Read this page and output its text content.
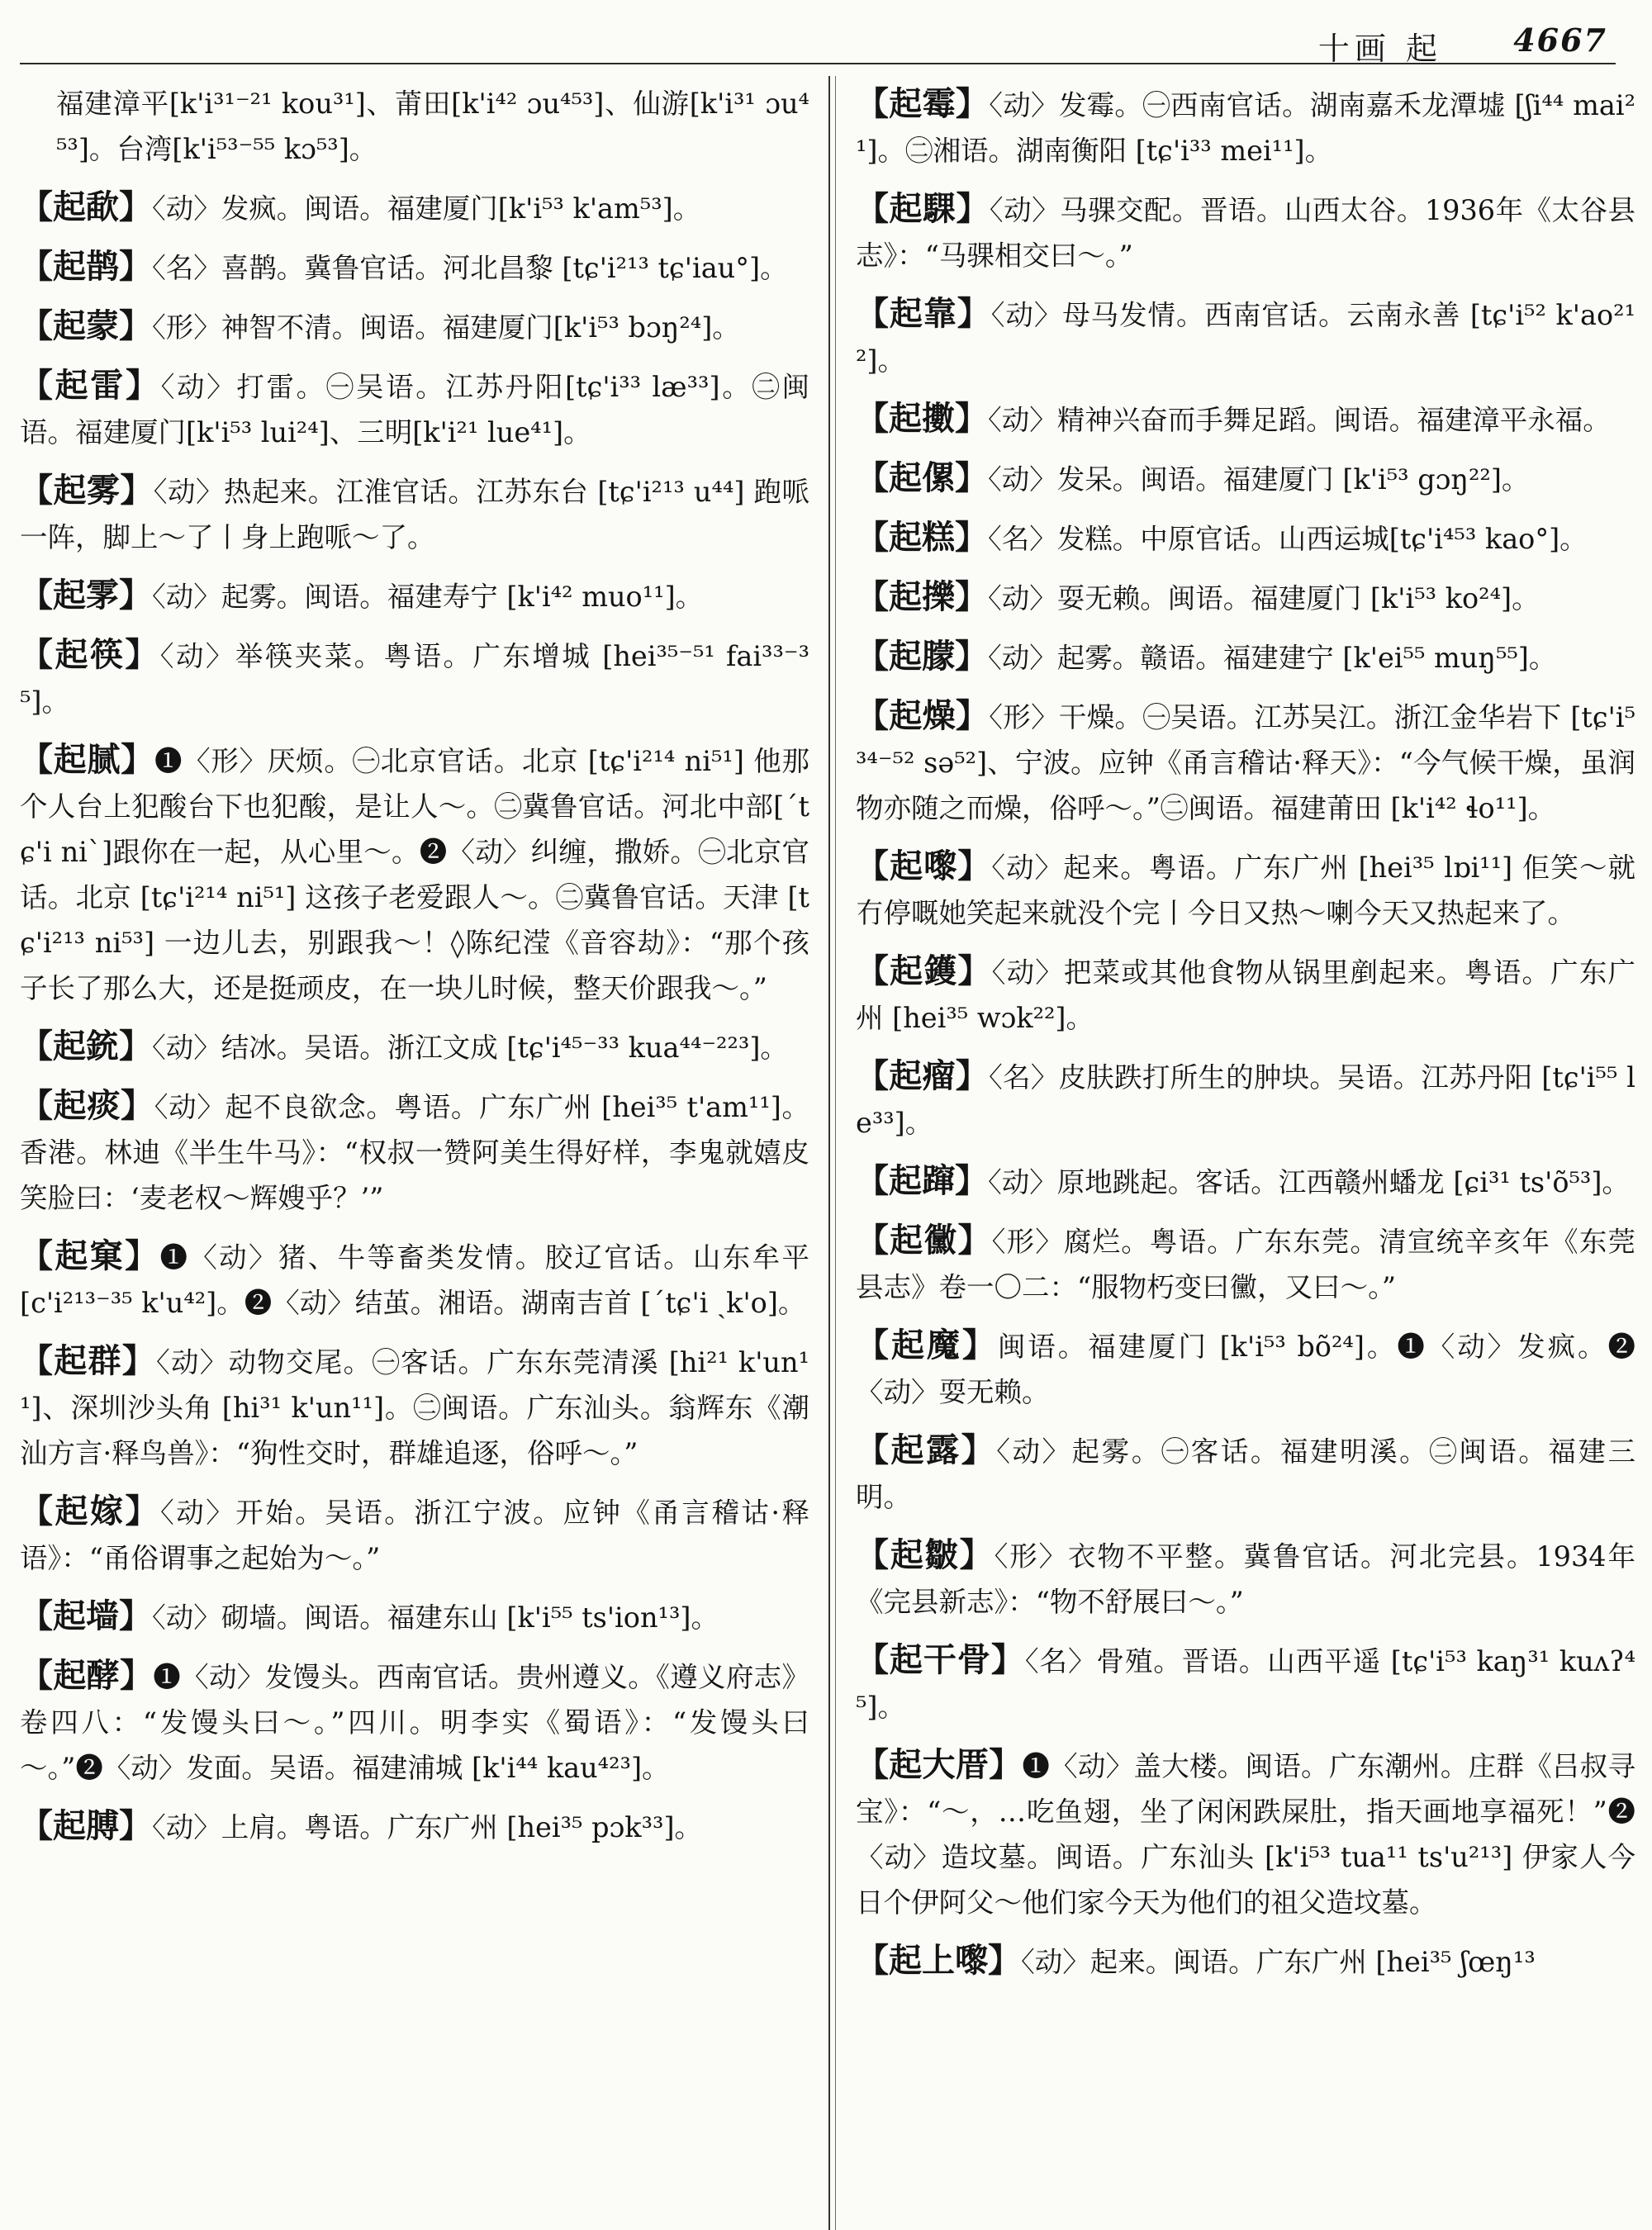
十画 起 4667
福建漳平[k'i³¹⁻²¹ kou³¹]、莆田[k'i⁴² ɔu⁴⁵³]、仙游[k'i³¹ ɔu⁴⁵³]。台湾[k'i⁵³⁻⁵⁵ kɔ⁵³]。
【起歃】〈动〉发疯。闽语。福建厦门[k'i⁵³ k'am⁵³]。
【起鹊】〈名〉喜鹊。冀鲁官话。河北昌黎 [tɕ'i²¹³ tɕ'iau°]。
【起蒙】〈形〉神智不清。闽语。福建厦门[k'i⁵³ bɔŋ²⁴]。
【起雷】〈动〉打雷。㊀吴语。江苏丹阳[tɕ'i³³ læ³³]。㊁闽语。福建厦门[k'i⁵³ lui²⁴]、三明[k'i²¹ lue⁴¹]。
【起雾】〈动〉热起来。江淮官话。江苏东台 [tɕ'i²¹³ u⁴⁴] 跑哌一阵，脚上～了丨身上跑哌～了。
【起雺】〈动〉起雾。闽语。福建寿宁 [k'i⁴² muo¹¹]。
【起筷】〈动〉举筷夹菜。粤语。广东增城 [hei³⁵⁻⁵¹ fai³³⁻³⁵]。
【起腻】❶〈形〉厌烦。㊀北京官话。北京 [tɕ'i²¹⁴ ni⁵¹] 他那个人台上犯酸台下也犯酸，是让人～。㊁冀鲁官话。河北中部[ˊtɕ'i niˋ]跟你在一起，从心里～。❷〈动〉纠缠，撒娇。㊀北京官话。北京 [tɕ'i²¹⁴ ni⁵¹] 这孩子老爱跟人～。㊁冀鲁官话。天津 [tɕ'i²¹³ ni⁵³] 一边儿去，别跟我～！◊陈纪滢《音容劫》：“那个孩子长了那么大，还是挺顽皮，在一块儿时候，整天价跟我～。”
【起銃】〈动〉结冰。吴语。浙江文成 [tɕ'i⁴⁵⁻³³ kua⁴⁴⁻²²³]。
【起痰】〈动〉起不良欲念。粤语。广东广州 [hei³⁵ t'am¹¹]。香港。林迪《半生牛马》：“权叔一赞阿美生得好样，李鬼就嬉皮笑脸曰：‘麦老权～辉嫂乎？’”
【起窠】❶〈动〉猪、牛等畜类发情。胶辽官话。山东牟平 [c'i²¹³⁻³⁵ k'u⁴²]。❷〈动〉结茧。湘语。湖南吉首 [ˊtɕ'i ˏk'o]。
【起群】〈动〉动物交尾。㊀客话。广东东莞清溪 [hi²¹ k'un¹¹]、深圳沙头角 [hi³¹ k'un¹¹]。㊁闽语。广东汕头。翁辉东《潮汕方言·释鸟兽》：“狗性交时，群雄追逐，俗呼～。”
【起嫁】〈动〉开始。吴语。浙江宁波。应钟《甬言稽诂·释语》：“甬俗谓事之起始为～。”
【起墙】〈动〉砌墙。闽语。福建东山 [k'i⁵⁵ ts'ion¹³]。
【起酵】❶〈动〉发馒头。西南官话。贵州遵义。《遵义府志》卷四八：“发馒头曰～。”四川。明李实《蜀语》：“发馒头曰～。”❷〈动〉发面。吴语。福建浦城 [k'i⁴⁴ kau⁴²³]。
【起膊】〈动〉上肩。粤语。广东广州 [hei³⁵ pɔk³³]。
【起霉】〈动〉发霉。㊀西南官话。湖南嘉禾龙潭墟 [ʃi⁴⁴ mai²¹]。㊁湘语。湖南衡阳 [tɕ'i³³ mei¹¹]。
【起騍】〈动〉马骒交配。晋语。山西太谷。1936年《太谷县志》：“马骒相交曰～。”
【起靠】〈动〉母马发情。西南官话。云南永善 [tɕ'i⁵² k'ao²¹²]。
【起擻】〈动〉精神兴奋而手舞足蹈。闽语。福建漳平永福。
【起傫】〈动〉发呆。闽语。福建厦门 [k'i⁵³ gɔŋ²²]。
【起糕】〈名〉发糕。中原官话。山西运城[tɕ'i⁴⁵³ kao°]。
【起擽】〈动〉耍无赖。闽语。福建厦门 [k'i⁵³ ko²⁴]。
【起朦】〈动〉起雾。赣语。福建建宁 [k'ei⁵⁵ muŋ⁵⁵]。
【起燥】〈形〉干燥。㊀吴语。江苏吴江。浙江金华岩下 [tɕ'i⁵³⁴⁻⁵² sə⁵²]、宁波。应钟《甬言稽诂·释天》：“今气候干燥，虽润物亦随之而燥，俗呼～。”㊁闽语。福建莆田 [k'i⁴² ɬo¹¹]。
【起嚟】〈动〉起来。粤语。广东广州 [hei³⁵ lɒi¹¹] 佢笑～就冇停嘅她笑起来就没个完丨今日又热～喇今天又热起来了。
【起鑊】〈动〉把菜或其他食物从锅里剷起来。粤语。广东广州 [hei³⁵ wɔk²²]。
【起瘤】〈名〉皮肤跌打所生的肿块。吴语。江苏丹阳 [tɕ'i⁵⁵ le³³]。
【起蹿】〈动〉原地跳起。客话。江西赣州蟠龙 [ɕi³¹ ts'õ⁵³]。
【起黴】〈形〉腐烂。粤语。广东东莞。清宣统辛亥年《东莞县志》卷一〇二：“服物朽变曰黴，又曰～。”
【起魔】闽语。福建厦门 [k'i⁵³ bõ²⁴]。❶〈动〉发疯。❷〈动〉耍无赖。
【起露】〈动〉起雾。㊀客话。福建明溪。㊁闽语。福建三明。
【起皺】〈形〉衣物不平整。冀鲁官话。河北完县。1934年《完县新志》：“物不舒展曰～。”
【起干骨】〈名〉骨殖。晋语。山西平遥 [tɕ'i⁵³ kaŋ³¹ kuʌʔ⁴⁵]。
【起大厝】❶〈动〉盖大楼。闽语。广东潮州。庄群《吕叔寻宝》：“～，…吃鱼翅，坐了闲闲跌屎肚，指天画地享福死！”❷〈动〉造坟墓。闽语。广东汕头 [k'i⁵³ tua¹¹ ts'u²¹³] 伊家人今日个伊阿父～他们家今天为他们的祖父造坟墓。
【起上嚟】〈动〉起来。闽语。广东广州 [hei³⁵ ʃœŋ¹³
